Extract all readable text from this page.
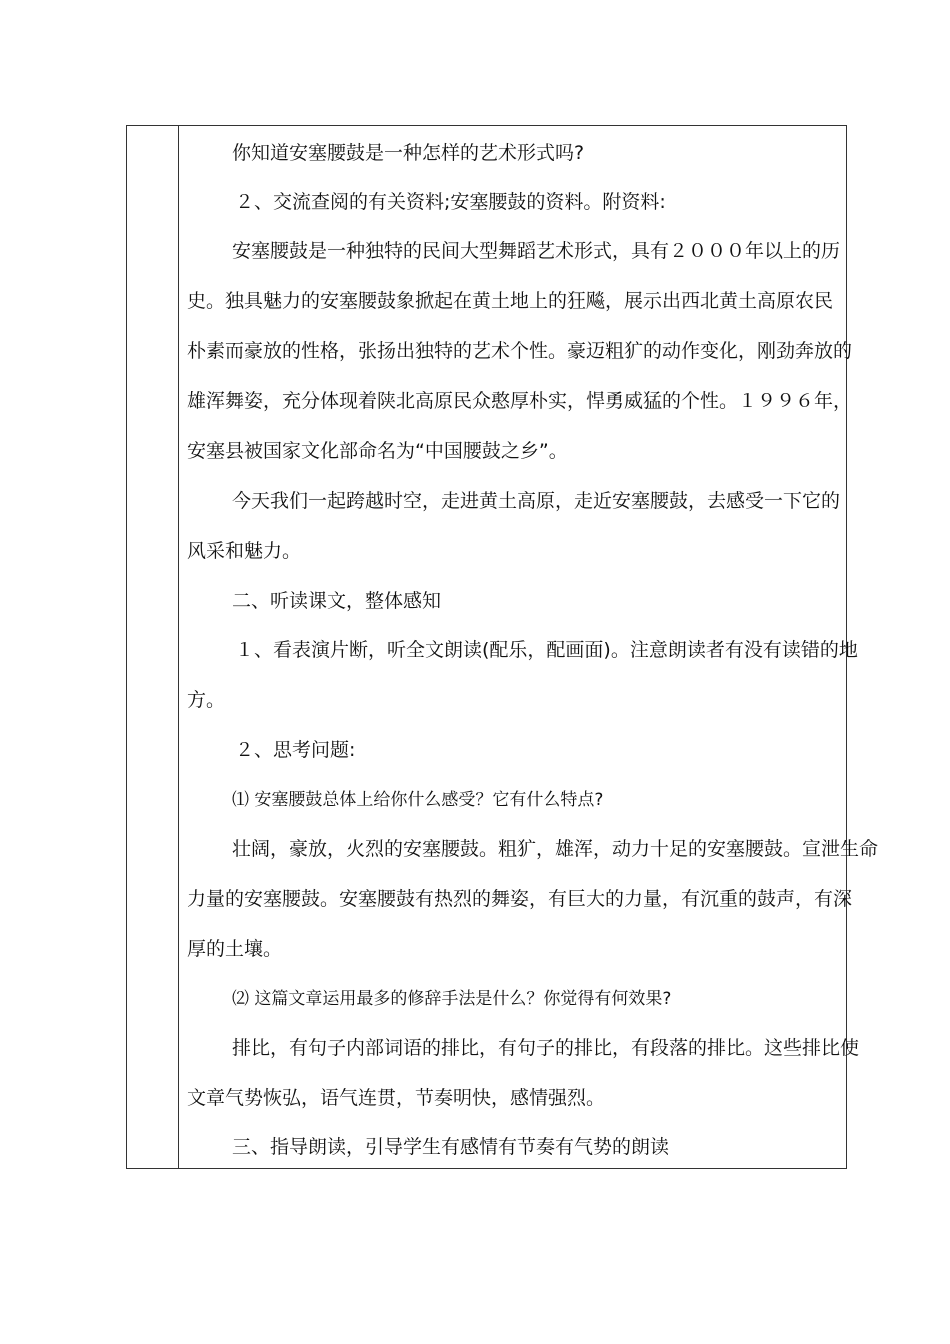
你知道安塞腰鼓是一种怎样的艺术形式吗?
２、交流查阅的有关资料;安塞腰鼓的资料。附资料:
安塞腰鼓是一种独特的民间大型舞蹈艺术形式，具有２０００年以上的历
史。独具魅力的安塞腰鼓象掀起在黄土地上的狂飚，展示出西北黄土高原农民
朴素而豪放的性格，张扬出独特的艺术个性。豪迈粗犷的动作变化，刚劲奔放的
雄浑舞姿，充分体现着陕北高原民众憨厚朴实，悍勇威猛的个性。１９９６年，
安塞县被国家文化部命名为“中国腰鼓之乡”。
今天我们一起跨越时空，走进黄土高原，走近安塞腰鼓，去感受一下它的
风采和魅力。
二、听读课文，整体感知
１、看表演片断，听全文朗读(配乐，配画面)。注意朗读者有没有读错的地
方。
２、思考问题:
⑴ 安塞腰鼓总体上给你什么感受？它有什么特点?
壮阔，豪放，火烈的安塞腰鼓。粗犷，雄浑，动力十足的安塞腰鼓。宣泄生命
力量的安塞腰鼓。安塞腰鼓有热烈的舞姿，有巨大的力量，有沉重的鼓声，有深
厚的土壤。
⑵ 这篇文章运用最多的修辞手法是什么？你觉得有何效果?
排比，有句子内部词语的排比，有句子的排比，有段落的排比。这些排比使
文章气势恢弘，语气连贯，节奏明快，感情强烈。
三、指导朗读，引导学生有感情有节奏有气势的朗读
